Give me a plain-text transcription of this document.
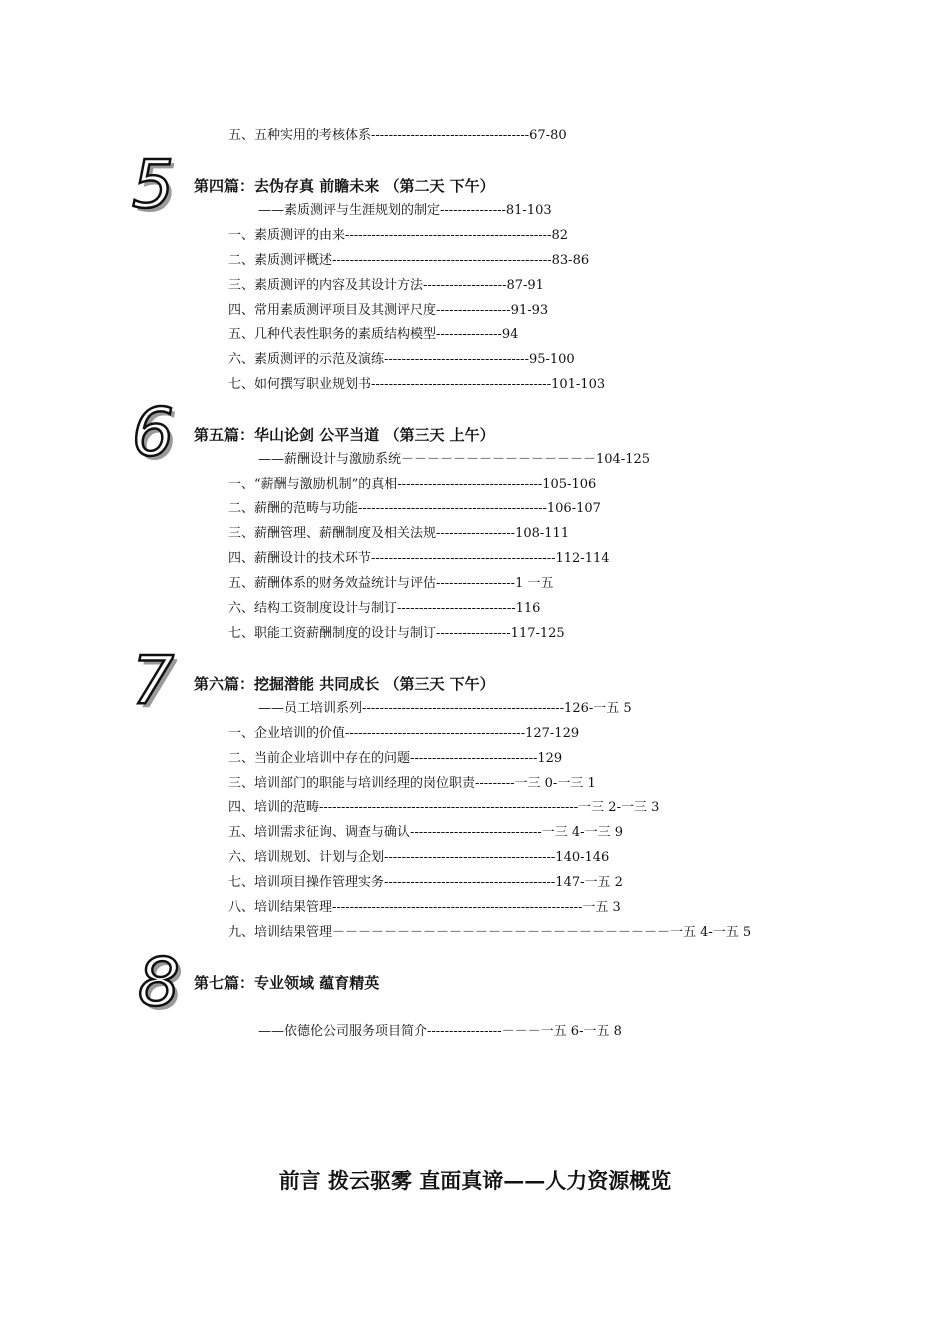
五、五种实用的考核体系------------------------------------67-80
5 第四篇：去伪存真 前瞻未来 （第二天 下午）
——素质测评与生涯规划的制定---------------81-103
一、素质测评的由来-----------------------------------------------82
二、素质测评概述--------------------------------------------------83-86
三、素质测评的内容及其设计方法-------------------87-91
四、常用素质测评项目及其测评尺度-----------------91-93
五、几种代表性职务的素质结构模型---------------94
六、素质测评的示范及演练---------------------------------95-100
七、如何撰写职业规划书-----------------------------------------101-103
6 第五篇：华山论剑 公平当道 （第三天 上午）
——薪酬设计与激励系统－－－－－－－－－－－－－－－104-125
一、“薪酬与激励机制”的真相---------------------------------105-106
二、薪酬的范畴与功能-------------------------------------------106-107
三、薪酬管理、薪酬制度及相关法规------------------108-111
四、薪酬设计的技术环节------------------------------------------112-114
五、薪酬体系的财务效益统计与评估------------------1 一五
六、结构工资制度设计与制订---------------------------116
七、职能工资薪酬制度的设计与制订-----------------117-125
7 第六篇：挖掘潜能 共同成长 （第三天 下午）
——员工培训系列----------------------------------------------126-一五 5
一、企业培训的价值-----------------------------------------127-129
二、当前企业培训中存在的问题-----------------------------129
三、培训部门的职能与培训经理的岗位职责---------一三 0-一三 1
四、培训的范畴-----------------------------------------------------------一三 2-一三 3
五、培训需求征询、调查与确认------------------------------一三 4-一三 9
六、培训规划、计划与企划---------------------------------------140-146
七、培训项目操作管理实务---------------------------------------147-一五 2
八、培训结果管理---------------------------------------------------------一五 3
九、培训结果管理－－－－－－－－－－－－－－－－－－－－－－－－－－一五 4-一五 5
8 第七篇：专业领域 蕴育精英
——依德伦公司服务项目简介-----------------－－－一五 6-一五 8
前言 拨云驱雾 直面真谛——人力资源概览
